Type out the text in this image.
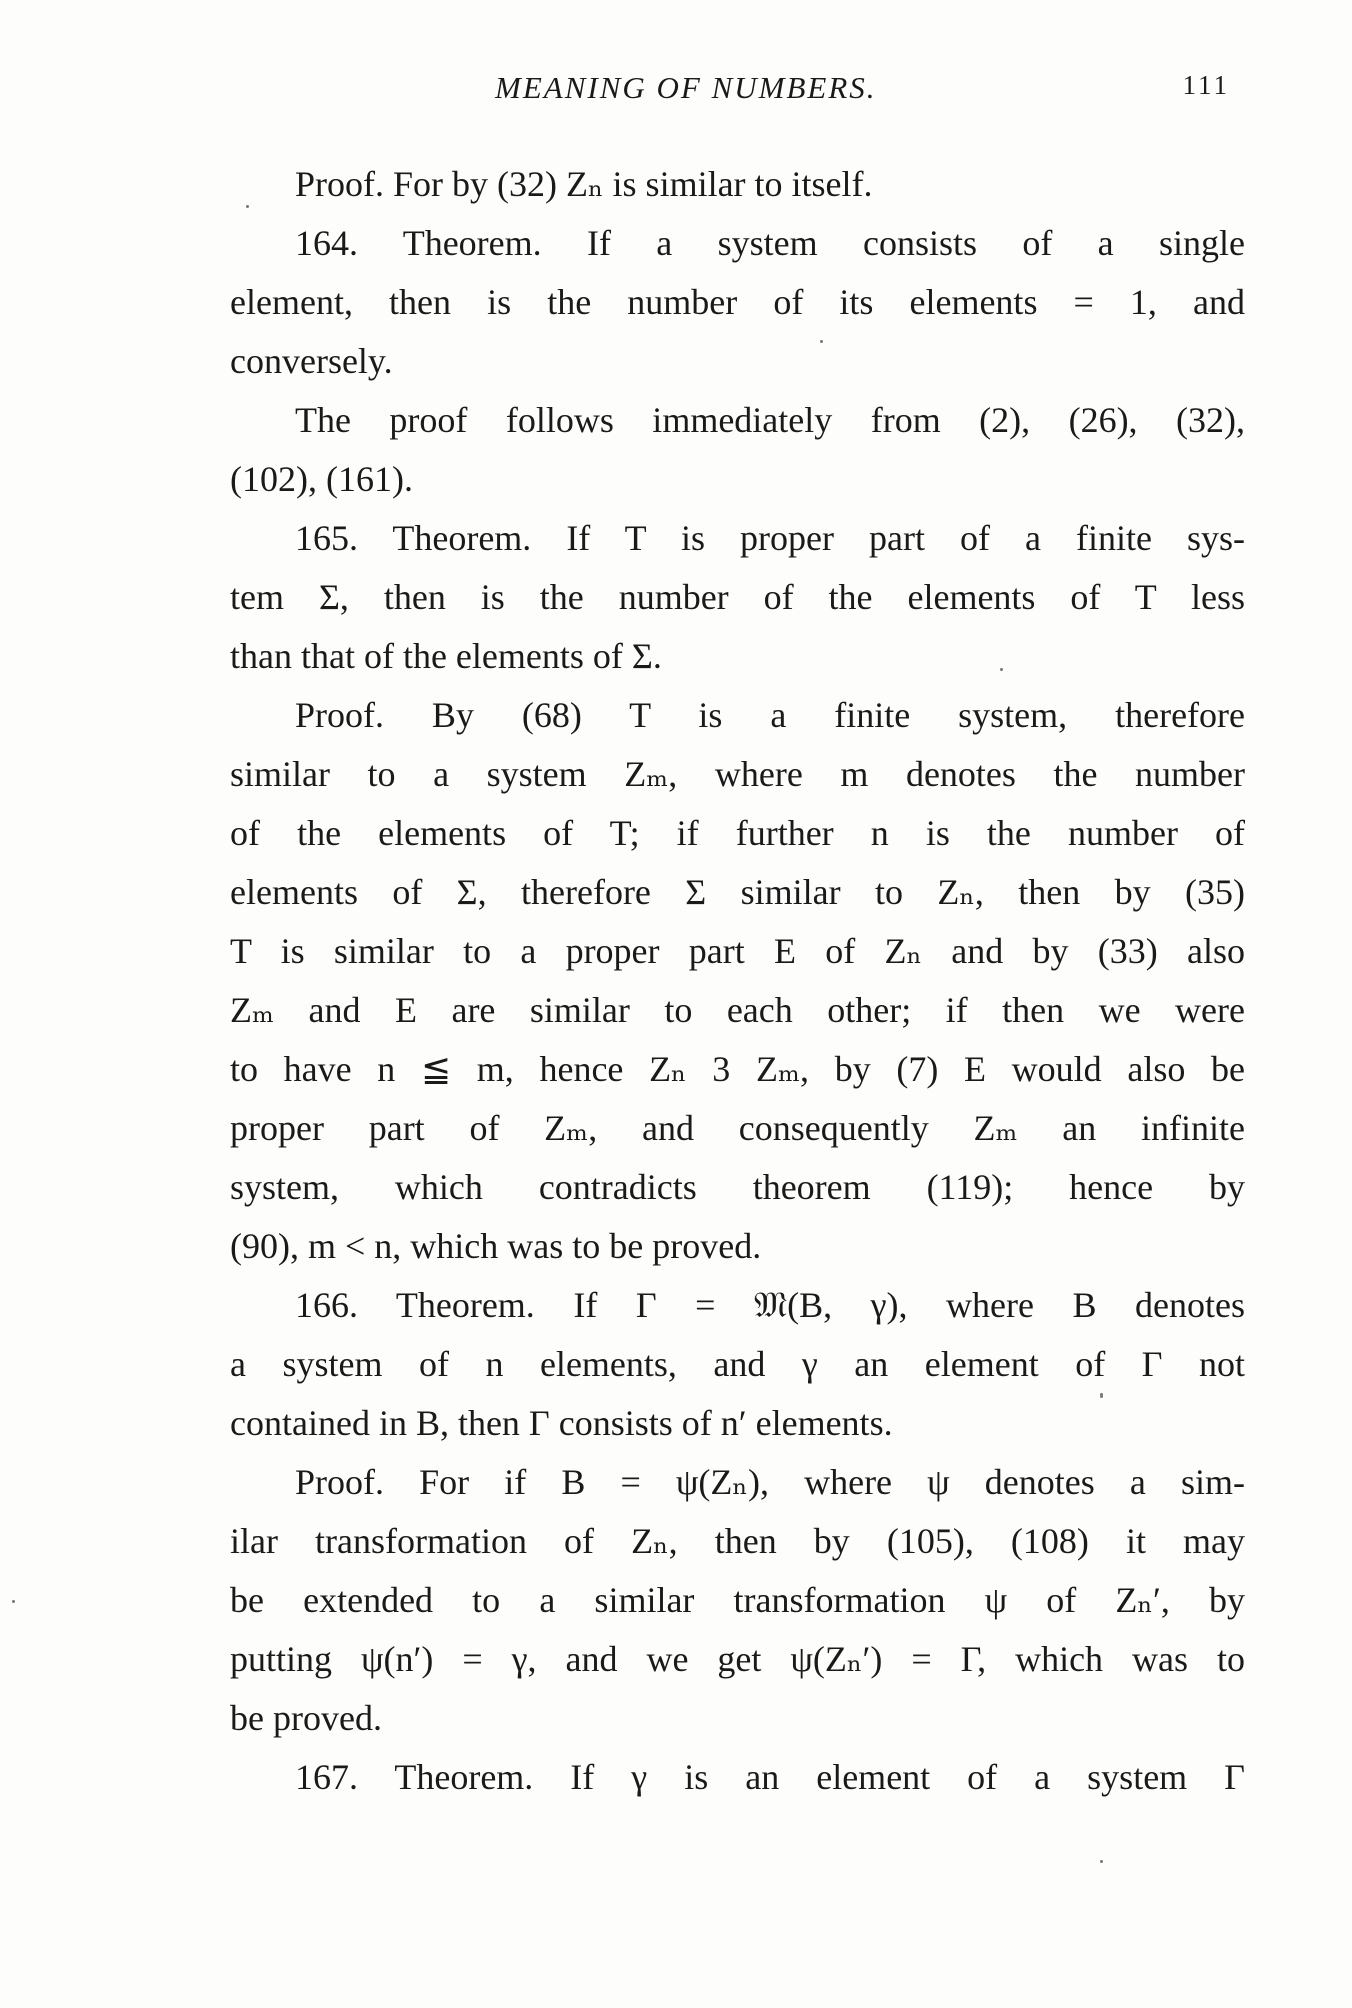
MEANING OF NUMBERS.	111
Proof. For by (32) Zₙ is similar to itself.
164. Theorem. If a system consists of a single
element, then is the number of its elements = 1, and
conversely.
The proof follows immediately from (2), (26), (32),
(102), (161).
165. Theorem. If T is proper part of a finite sys-
tem Σ, then is the number of the elements of T less
than that of the elements of Σ.
Proof. By (68) T is a finite system, therefore
similar to a system Zₘ, where m denotes the number
of the elements of T; if further n is the number of
elements of Σ, therefore Σ similar to Zₙ, then by (35)
T is similar to a proper part E of Zₙ and by (33) also
Zₘ and E are similar to each other; if then we were
to have n ≦ m, hence Zₙ 3 Zₘ, by (7) E would also be
proper part of Zₘ, and consequently Zₘ an infinite
system, which contradicts theorem (119); hence by
(90), m < n, which was to be proved.
166. Theorem. If Γ = 𝔐(B, γ), where B denotes
a system of n elements, and γ an element of Γ not
contained in B, then Γ consists of n′ elements.
Proof. For if B = ψ(Zₙ), where ψ denotes a sim-
ilar transformation of Zₙ, then by (105), (108) it may
be extended to a similar transformation ψ of Zₙ′, by
putting ψ(n′) = γ, and we get ψ(Zₙ′) = Γ, which was to
be proved.
167. Theorem. If γ is an element of a system Γ
